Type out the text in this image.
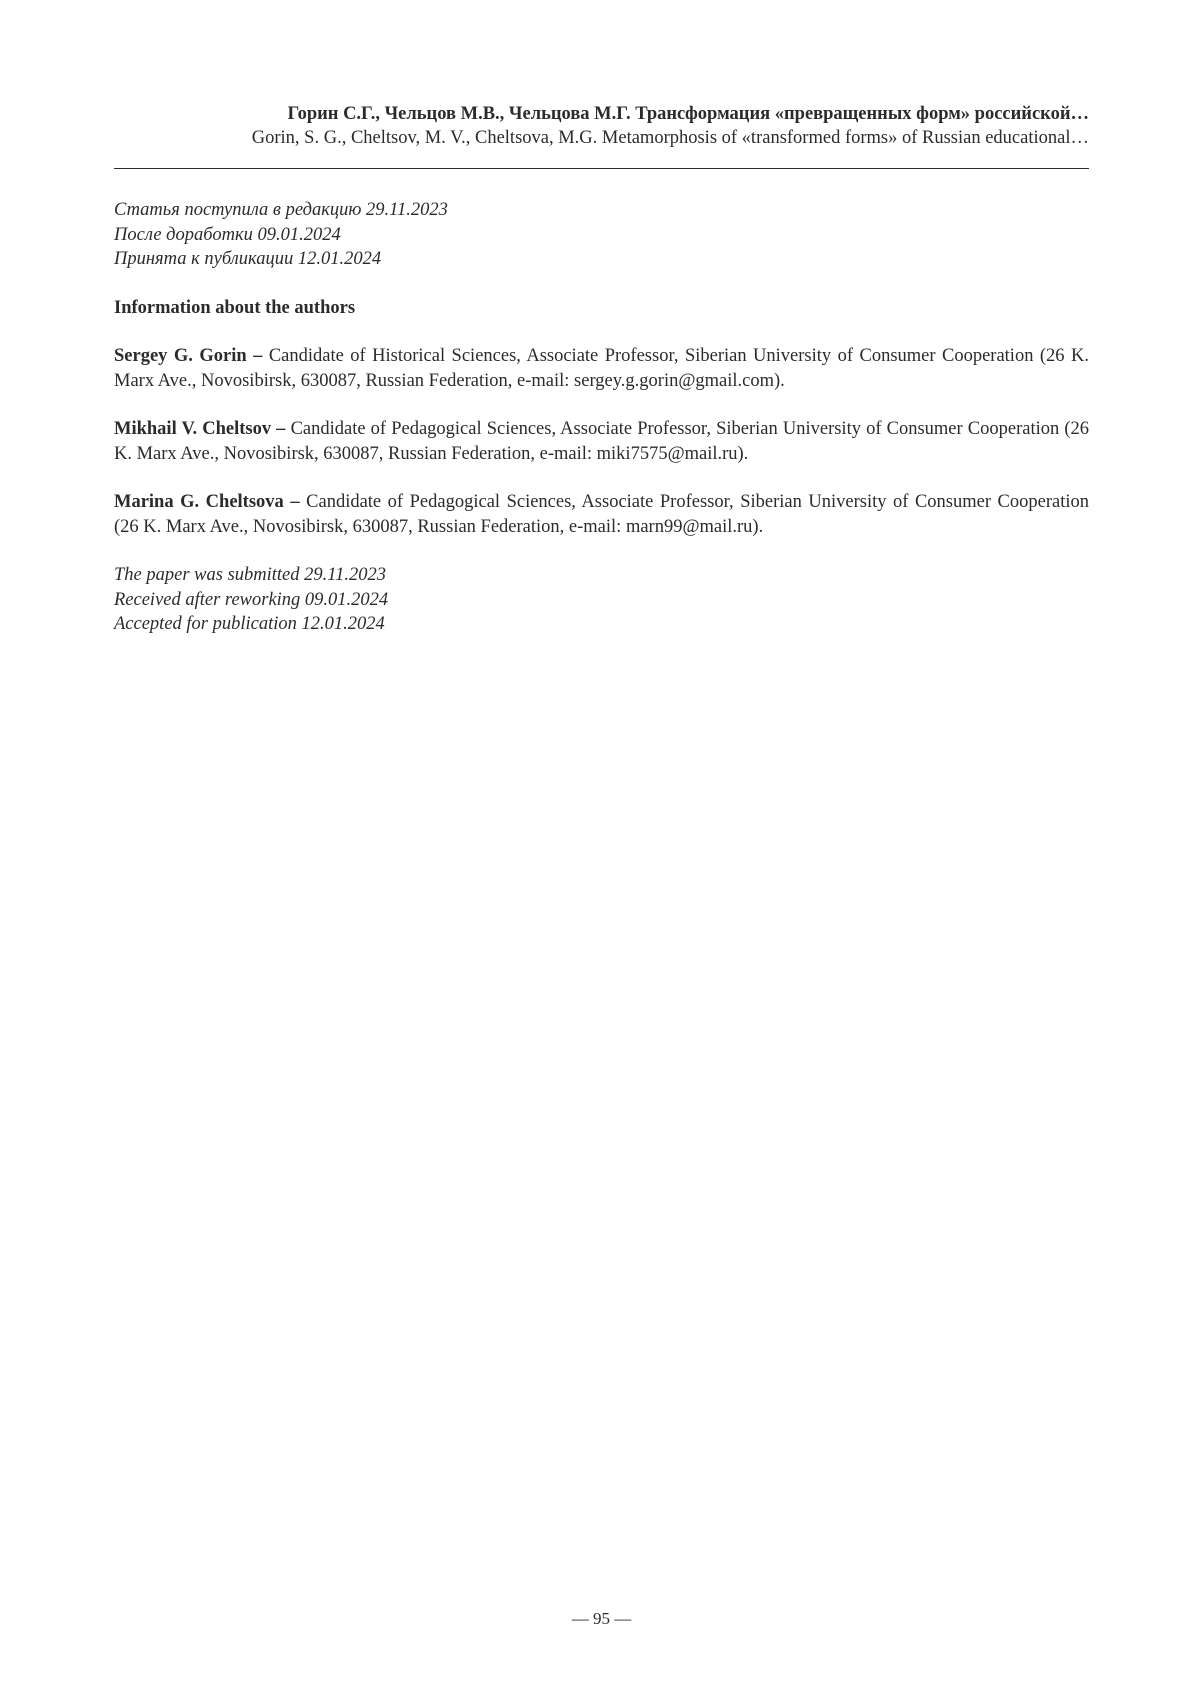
Горин С.Г., Чельцов М.В., Чельцова М.Г. Трансформация «превращенных форм» российской…
Gorin, S. G., Cheltsov, M. V., Cheltsova, M.G. Metamorphosis of «transformed forms» of Russian educational…
Статья поступила в редакцию 29.11.2023
После доработки 09.01.2024
Принята к публикации 12.01.2024
Information about the authors
Sergey G. Gorin – Candidate of Historical Sciences, Associate Professor, Siberian University of Consumer Cooperation (26 K. Marx Ave., Novosibirsk, 630087, Russian Federation, e-mail: sergey.g.gorin@gmail.com).
Mikhail V. Cheltsov – Candidate of Pedagogical Sciences, Associate Professor, Siberian University of Consumer Cooperation (26 K. Marx Ave., Novosibirsk, 630087, Russian Federation, e-mail: miki7575@mail.ru).
Marina G. Cheltsova – Candidate of Pedagogical Sciences, Associate Professor, Siberian University of Consumer Cooperation (26 K. Marx Ave., Novosibirsk, 630087, Russian Federation, e-mail: marn99@mail.ru).
The paper was submitted 29.11.2023
Received after reworking 09.01.2024
Accepted for publication 12.01.2024
— 95 —
